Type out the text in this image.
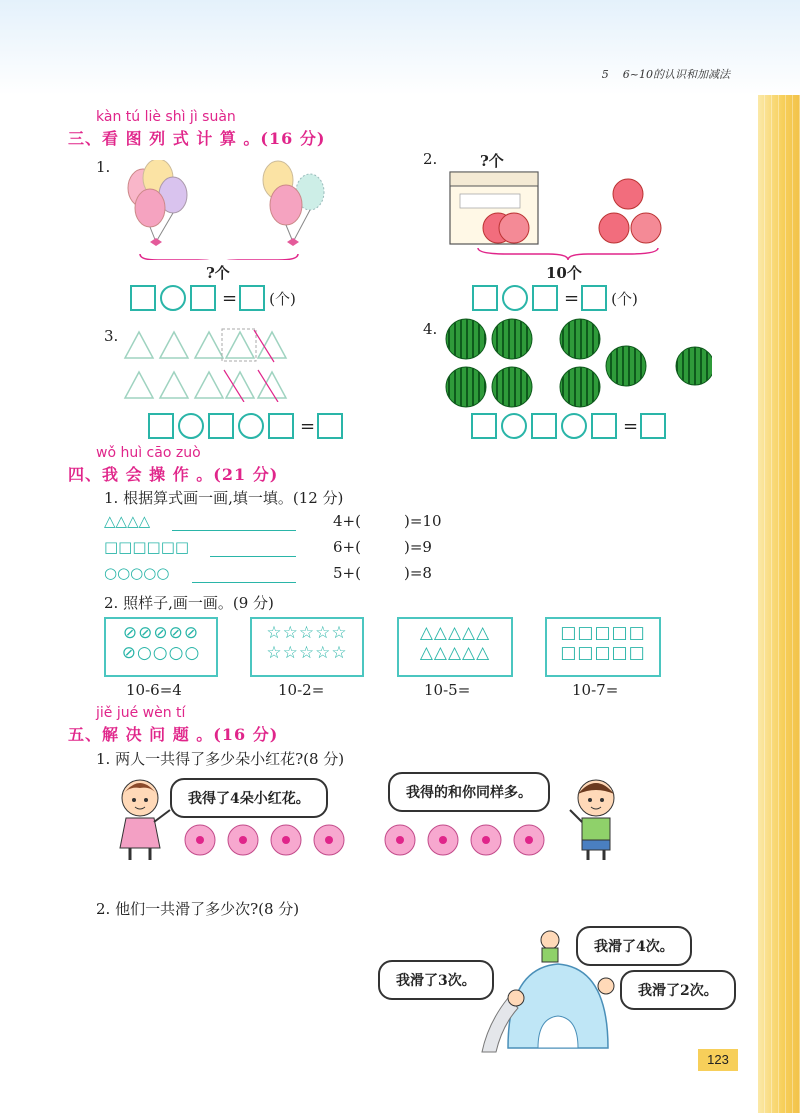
5 6~10的认识和加减法
kàn tú liè shì jì suàn
三、看 图 列 式 计 算 。(16 分)
1.
?个
= (个)
2.	?个
10个
= (个)
3.
=
4.
=
wǒ huì cāo zuò
四、我 会 操 作 。(21 分)
1. 根据算式画一画,填一填。(12 分)
△△△△	4+(	)=10
□□□□□□	6+(	)=9
○○○○○	5+(	)=8
2. 照样子,画一画。(9 分)
⊘⊘⊘⊘⊘
⊘○○○○
☆☆☆☆☆
☆☆☆☆☆
△△△△△
△△△△△
□□□□□
□□□□□
10-6=4	10-2=	10-5=	10-7=
jiě jué wèn tí
五、解 决 问 题 。(16 分)
1. 两人一共得了多少朵小红花?(8 分)
我得了4朵小红花。	我得的和你同样多。
2. 他们一共滑了多少次?(8 分)
我滑了4次。
我滑了3次。
我滑了2次。
123
